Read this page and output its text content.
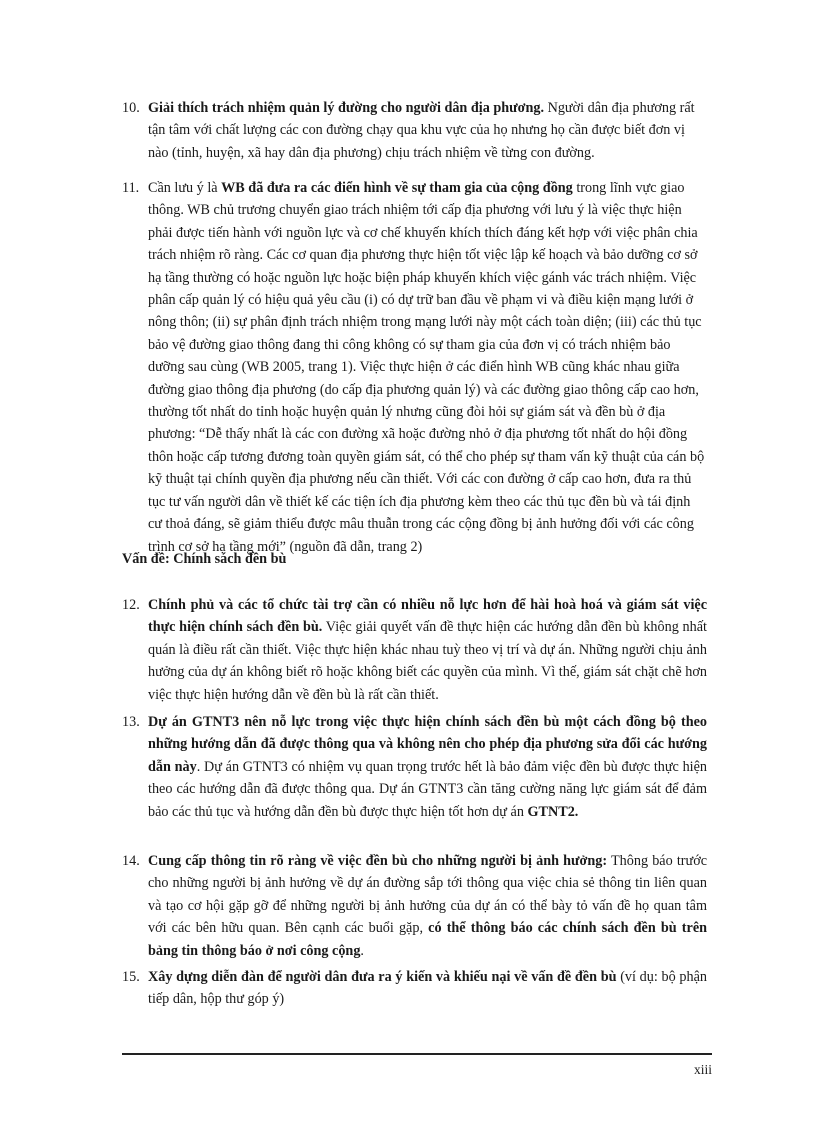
10. Giải thích trách nhiệm quản lý đường cho người dân địa phương. Người dân địa phương rất tận tâm với chất lượng các con đường chạy qua khu vực của họ nhưng họ cần được biết đơn vị nào (tỉnh, huyện, xã hay dân địa phương) chịu trách nhiệm về từng con đường.
11. Cần lưu ý là WB đã đưa ra các điển hình về sự tham gia của cộng đồng trong lĩnh vực giao thông. WB chủ trương chuyển giao trách nhiệm tới cấp địa phương với lưu ý là việc thực hiện phải được tiến hành với nguồn lực và cơ chế khuyến khích thích đáng kết hợp với việc phân chia trách nhiệm rõ ràng. Các cơ quan địa phương thực hiện tốt việc lập kế hoạch và bảo dưỡng cơ sở hạ tầng thường có hoặc nguồn lực hoặc biện pháp khuyến khích việc gánh vác trách nhiệm. Việc phân cấp quản lý có hiệu quả yêu cầu (i) có dự trữ ban đầu về phạm vi và điều kiện mạng lưới ở nông thôn; (ii) sự phân định trách nhiệm trong mạng lưới này một cách toàn diện; (iii) các thủ tục bảo vệ đường giao thông đang thi công không có sự tham gia của đơn vị có trách nhiệm bảo dưỡng sau cùng (WB 2005, trang 1). Việc thực hiện ở các điển hình WB cũng khác nhau giữa đường giao thông địa phương (do cấp địa phương quản lý) và các đường giao thông cấp cao hơn, thường tốt nhất do tỉnh hoặc huyện quản lý nhưng cũng đòi hỏi sự giám sát và đền bù ở địa phương: “Dễ thấy nhất là các con đường xã hoặc đường nhỏ ở địa phương tốt nhất do hội đồng thôn hoặc cấp tương đương toàn quyền giám sát, có thể cho phép sự tham vấn kỹ thuật của cán bộ kỹ thuật tại chính quyền địa phương nếu cần thiết. Với các con đường ở cấp cao hơn, đưa ra thủ tục tư vấn người dân về thiết kế các tiện ích địa phương kèm theo các thủ tục đền bù và tái định cư thoả đáng, sẽ giảm thiểu được mâu thuẫn trong các cộng đồng bị ảnh hưởng đối với các công trình cơ sở hạ tầng mới” (nguồn đã dẫn, trang 2)
Vấn đề: Chính sách đền bù
12. Chính phủ và các tổ chức tài trợ cần có nhiều nỗ lực hơn để hài hoà hoá và giám sát việc thực hiện chính sách đền bù. Việc giải quyết vấn đề thực hiện các hướng dẫn đền bù không nhất quán là điều rất cần thiết. Việc thực hiện khác nhau tuỳ theo vị trí và dự án. Những người chịu ảnh hưởng của dự án không biết rõ hoặc không biết các quyền của mình. Vì thế, giám sát chặt chẽ hơn việc thực hiện hướng dẫn về đền bù là rất cần thiết.
13. Dự án GTNT3 nên nỗ lực trong việc thực hiện chính sách đền bù một cách đồng bộ theo những hướng dẫn đã được thông qua và không nên cho phép địa phương sửa đổi các hướng dẫn này. Dự án GTNT3 có nhiệm vụ quan trọng trước hết là bảo đảm việc đền bù được thực hiện theo các hướng dẫn đã được thông qua. Dự án GTNT3 cần tăng cường năng lực giám sát để đảm bảo các thủ tục và hướng dẫn đền bù được thực hiện tốt hơn dự án GTNT2.
14. Cung cấp thông tin rõ ràng về việc đền bù cho những người bị ảnh hưởng: Thông báo trước cho những người bị ảnh hưởng về dự án đường sắp tới thông qua việc chia sẻ thông tin liên quan và tạo cơ hội gặp gỡ để những người bị ảnh hưởng của dự án có thể bày tỏ vấn đề họ quan tâm với các bên hữu quan. Bên cạnh các buổi gặp, có thể thông báo các chính sách đền bù trên bảng tin thông báo ở nơi công cộng.
15. Xây dựng diễn đàn để người dân đưa ra ý kiến và khiếu nại về vấn đề đền bù (ví dụ: bộ phận tiếp dân, hộp thư góp ý)
xiii
